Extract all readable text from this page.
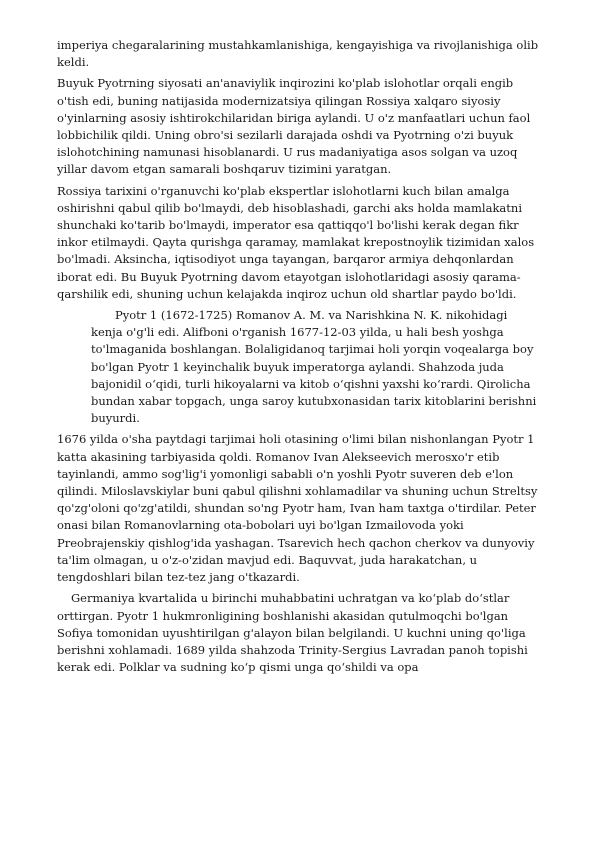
imperiya chegaralarining mustahkamlanishiga, kengayishiga va rivojlanishiga olib keldi.

Buyuk Pyotrning siyosati an'anaviylik inqirozini ko'plab islohotlar orqali engib o'tish edi, buning natijasida modernizatsiya qilingan Rossiya xalqaro siyosiy o'yinlarning asosiy ishtirokchilaridan biriga aylandi. U o'z manfaatlari uchun faol lobbichilik qildi. Uning obro'si sezilarli darajada oshdi va Pyotrning o'zi buyuk islohotchining namunasi hisoblanardi. U rus madaniyatiga asos solgan va uzoq yillar davom etgan samarali boshqaruv tizimini yaratgan.

Rossiya tarixini o'rganuvchi ko'plab ekspertlar islohotlarni kuch bilan amalga oshirishni qabul qilib bo'lmaydi, deb hisoblashadi, garchi aks holda mamlakatni shunchaki ko'tarib bo'lmaydi, imperator esa qattiqqo'l bo'lishi kerak degan fikr inkor etilmaydi. Qayta qurishga qaramay, mamlakat krepostnoylik tizimidan xalos bo'lmadi. Aksincha, iqtisodiyot unga tayangan, barqaror armiya dehqonlardan iborat edi. Bu Buyuk Pyotrning davom etayotgan islohotlaridagi asosiy qarama-qarshilik edi, shuning uchun kelajakda inqiroz uchun old shartlar paydo bo'ldi.

Pyotr 1 (1672-1725) Romanov A. M. va Narishkina N. K. nikohidagi kenja o'g'li edi. Alifboni o'rganish 1677-12-03 yilda, u hali besh yoshga to'lmaganida boshlangan. Bolaligidanoq tarjimai holi yorqin voqealarga boy bo'lgan Pyotr 1 keyinchalik buyuk imperatorga aylandi. Shahzoda juda bajonidil o‘qidi, turli hikoyalarni va kitob o‘qishni yaxshi ko‘rardi. Qirolicha bundan xabar topgach, unga saroy kutubxonasidan tarix kitoblarini berishni buyurdi.

1676 yilda o'sha paytdagi tarjimai holi otasining o'limi bilan nishonlangan Pyotr 1 katta akasining tarbiyasida qoldi. Romanov Ivan Alekseevich merosxo'r etib tayinlandi, ammo sog'lig'i yomonligi sababli o'n yoshli Pyotr suveren deb e'lon qilindi. Miloslavskiylar buni qabul qilishni xohlamadilar va shuning uchun Streltsy qo'zg'oloni qo'zg'atildi, shundan so'ng Pyotr ham, Ivan ham taxtga o'tirdilar. Peter onasi bilan Romanovlarning ota-bobolari uyi bo'lgan Izmailovoda yoki Preobrajenskiy qishlog'ida yashagan. Tsarevich hech qachon cherkov va dunyoviy ta'lim olmagan, u o'z-o'zidan mavjud edi. Baquvvat, juda harakatchan, u tengdoshlari bilan tez-tez jang o'tkazardi.

Germaniya kvartalida u birinchi muhabbatini uchratgan va ko‘plab do‘stlar orttirgan. Pyotr 1 hukmronligining boshlanishi akasidan qutulmoqchi bo'lgan Sofiya tomonidan uyushtirilgan g'alayon bilan belgilandi. U kuchni uning qo'liga berishni xohlamadi. 1689 yilda shahzoda Trinity-Sergius Lavradan panoh topishi kerak edi. Polklar va sudning ko‘p qismi unga qo‘shildi va opa
